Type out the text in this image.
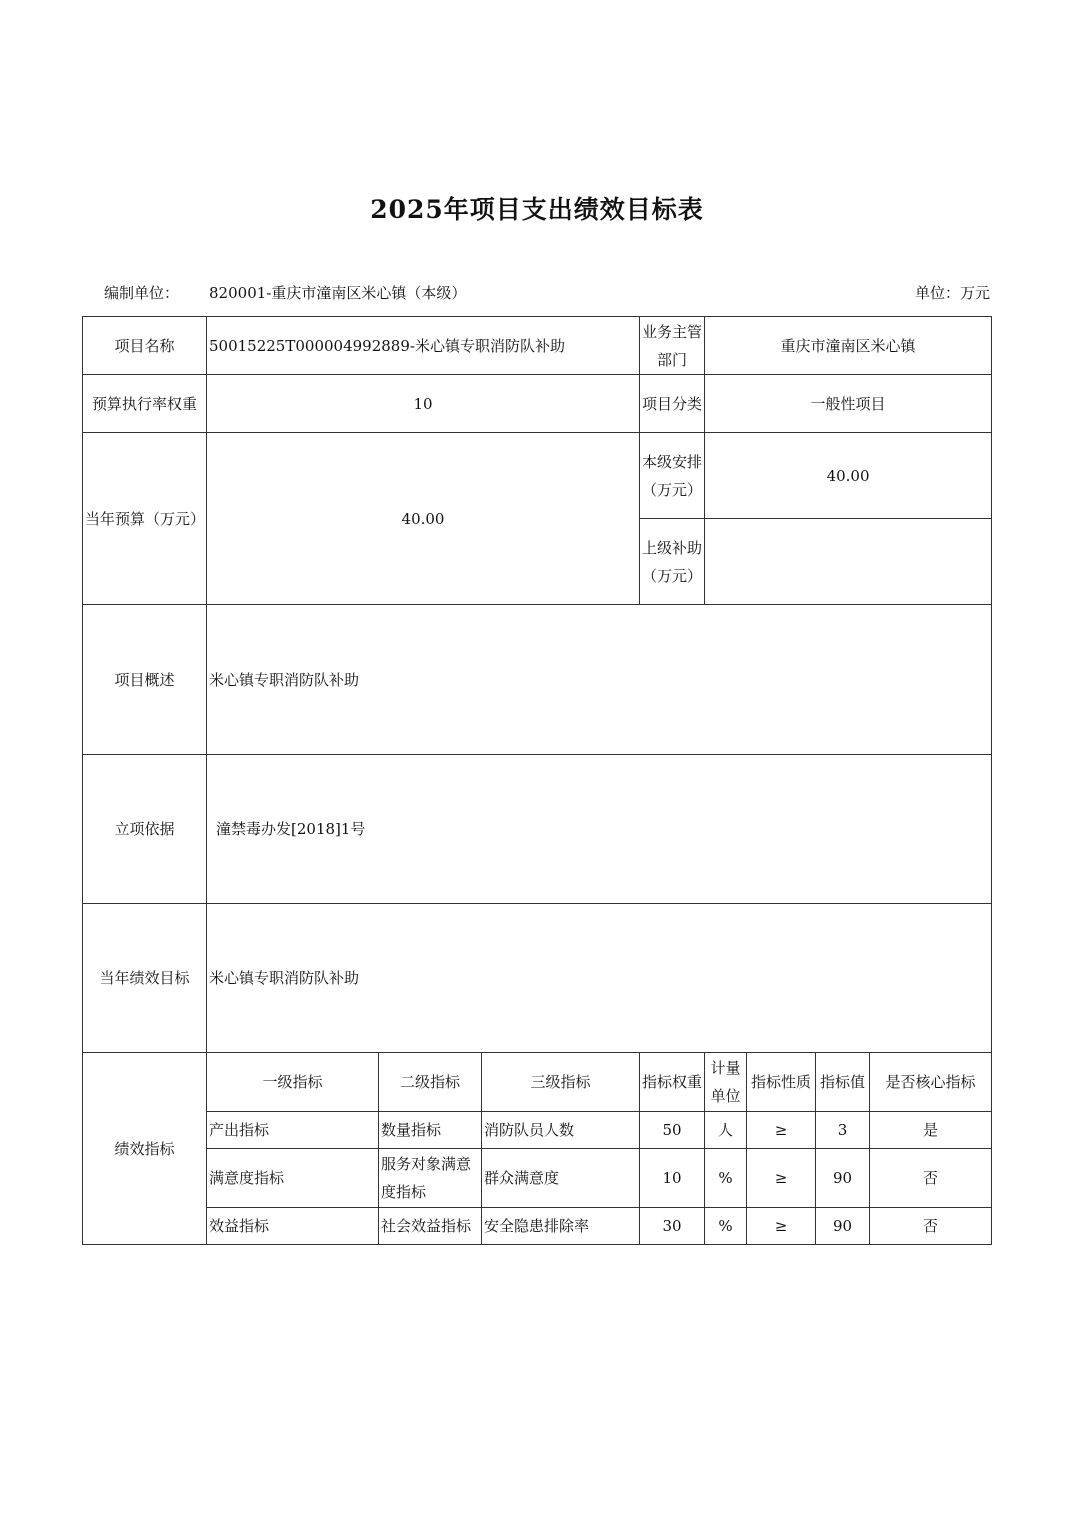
2025年项目支出绩效目标表
编制单位： 820001-重庆市潼南区米心镇（本级）	单位：万元
项目名称	50015225T000004992889-米心镇专职消防队补助			业务主管部门	重庆市潼南区米心镇			
预算执行率权重	10			项目分类	一般性项目			
当年预算（万元）	40.00			本级安排（万元）	40.00			
				上级补助（万元）				
项目概述	米心镇专职消防队补助							
立项依据	潼禁毒办发[2018]1号							
当年绩效目标	米心镇专职消防队补助							
绩效指标	一级指标	二级指标	三级指标	指标权重	计量单位	指标性质	指标值	是否核心指标
	产出指标	数量指标	消防队员人数	50	人	≥	3	是
	满意度指标	服务对象满意度指标	群众满意度	10	%	≥	90	否
	效益指标	社会效益指标	安全隐患排除率	30	%	≥	90	否
